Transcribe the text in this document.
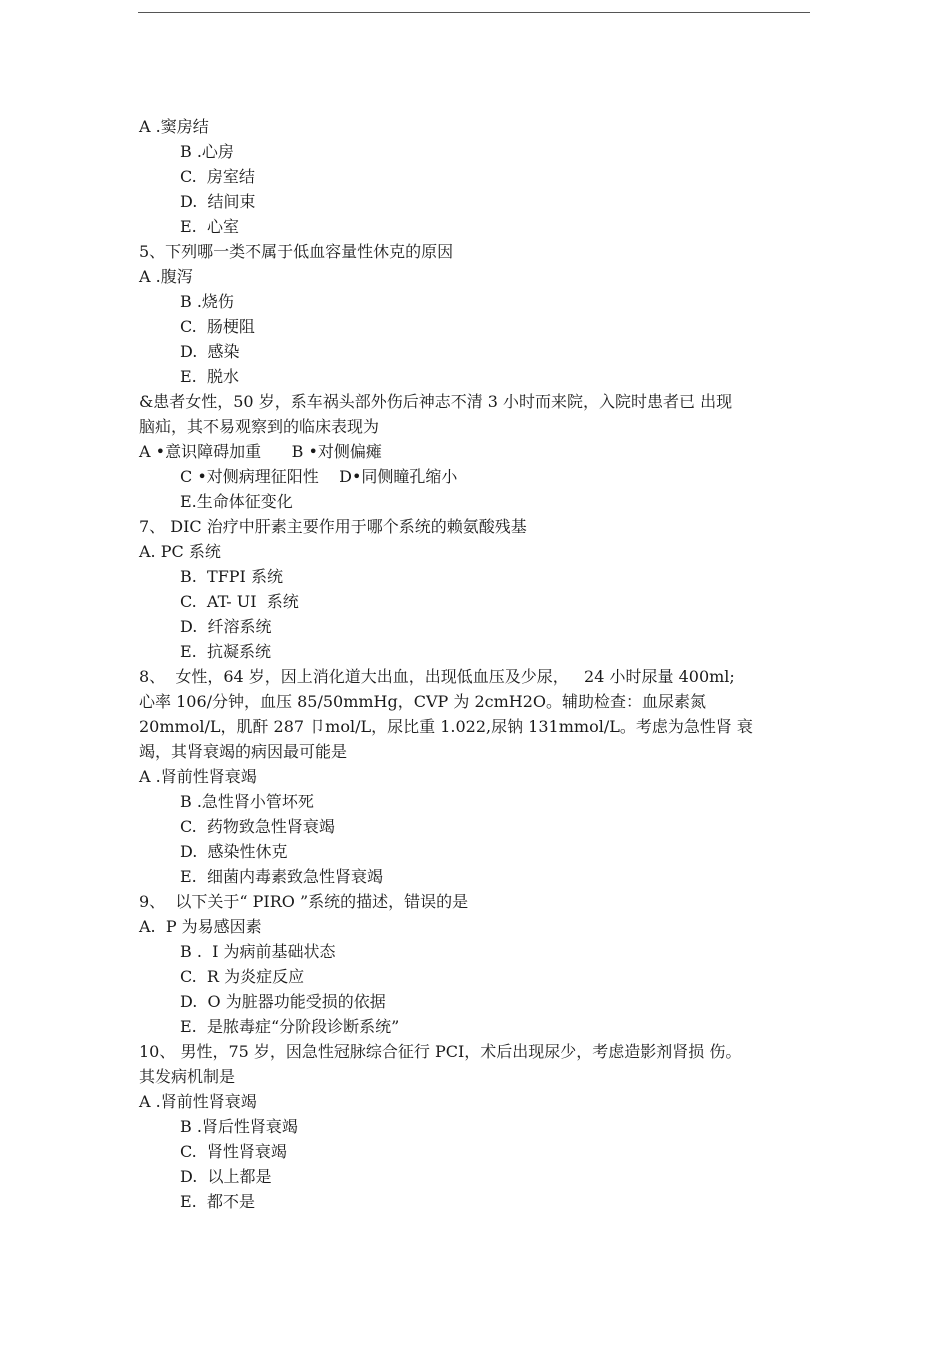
A .窦房结
B .心房
C.  房室结
D.  结间束
E.  心室
5、下列哪一类不属于低血容量性休克的原因
A .腹泻
B .烧伤
C.  肠梗阻
D.  感染
E.  脱水
&患者女性，50 岁，系车祸头部外伤后神志不清 3 小时而来院，入院时患者已 出现
脑疝，其不易观察到的临床表现为
A •意识障碍加重      B •对侧偏瘫
C •对侧病理征阳性    D•同侧瞳孔缩小
E.生命体征变化
7、 DIC 治疗中肝素主要作用于哪个系统的赖氨酸残基
A. PC 系统
B.  TFPI 系统
C.  AT- UI  系统
D.  纤溶系统
E.  抗凝系统
8、  女性，64 岁，因上消化道大出血，出现低血压及少尿，   24 小时尿量 400ml;
心率 106/分钟，血压 85/50mmHg，CVP 为 2cmH2O。辅助检查：血尿素氮
20mmol/L，肌酐 287 卩mol/L，尿比重 1.022,尿钠 131mmol/L。考虑为急性肾 衰
竭，其肾衰竭的病因最可能是
A .肾前性肾衰竭
B .急性肾小管坏死
C.  药物致急性肾衰竭
D.  感染性休克
E.  细菌内毒素致急性肾衰竭
9、  以下关于“ PIRO ”系统的描述，错误的是
A.  P 为易感因素
B .  I 为病前基础状态
C.  R 为炎症反应
D.  O 为脏器功能受损的依据
E.  是脓毒症“分阶段诊断系统”
10、 男性，75 岁，因急性冠脉综合征行 PCI，术后出现尿少，考虑造影剂肾损 伤。
其发病机制是
A .肾前性肾衰竭
B .肾后性肾衰竭
C.  肾性肾衰竭
D.  以上都是
E.  都不是
